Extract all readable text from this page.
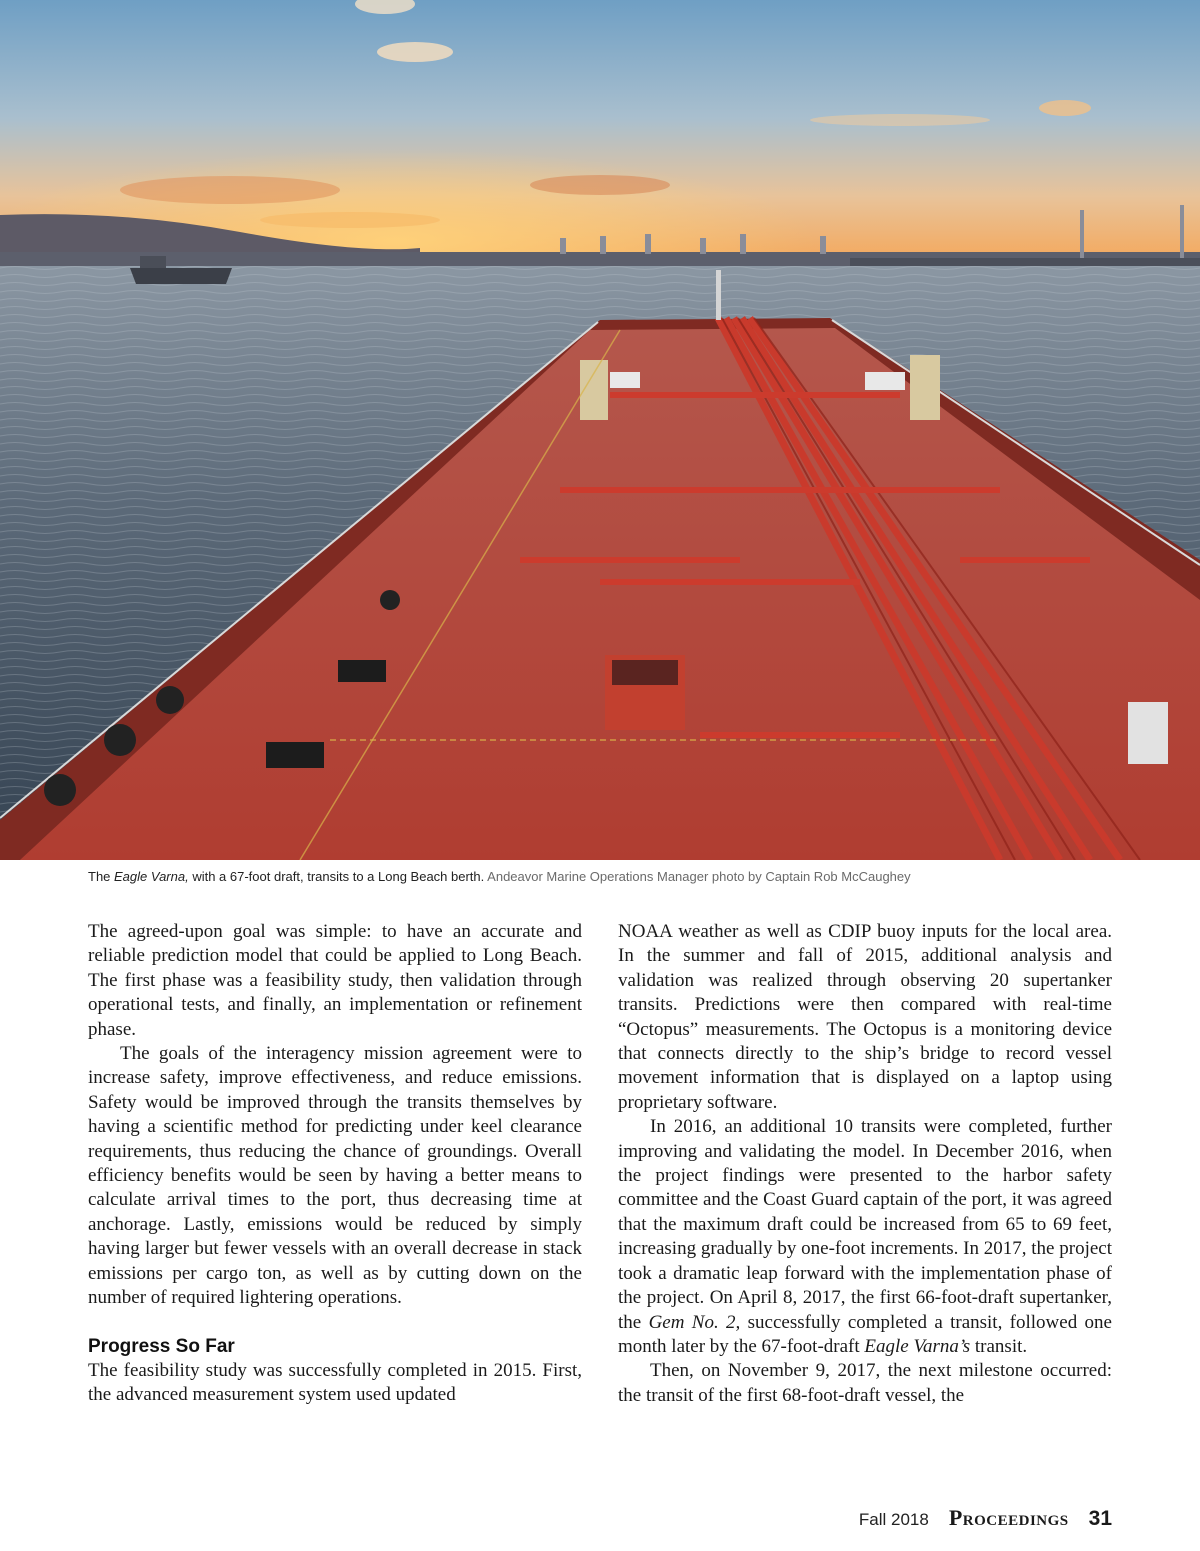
The Eagle Varna, with a 67-foot draft, transits to a Long Beach berth. Andeavor Marine Operations Manager photo by Captain Rob McCaughey

The agreed-upon goal was simple: to have an accurate and reliable prediction model that could be applied to Long Beach. The first phase was a feasibility study, then validation through operational tests, and finally, an implementation or refinement phase.

The goals of the interagency mission agreement were to increase safety, improve effectiveness, and reduce emissions. Safety would be improved through the transits themselves by having a scientific method for predicting under keel clearance requirements, thus reducing the chance of groundings. Overall efficiency benefits would be seen by having a better means to calculate arrival times to the port, thus decreasing time at anchorage. Lastly, emissions would be reduced by simply having larger but fewer vessels with an overall decrease in stack emissions per cargo ton, as well as by cutting down on the number of required lightering operations.

Progress So Far

The feasibility study was successfully completed in 2015. First, the advanced measurement system used updated

NOAA weather as well as CDIP buoy inputs for the local area. In the summer and fall of 2015, additional analysis and validation was realized through observing 20 supertanker transits. Predictions were then compared with real-time “Octopus” measurements. The Octopus is a monitoring device that connects directly to the ship’s bridge to record vessel movement information that is displayed on a laptop using proprietary software.

In 2016, an additional 10 transits were completed, further improving and validating the model. In December 2016, when the project findings were presented to the harbor safety committee and the Coast Guard captain of the port, it was agreed that the maximum draft could be increased from 65 to 69 feet, increasing gradually by one-foot increments. In 2017, the project took a dramatic leap forward with the implementation phase of the project. On April 8, 2017, the first 66-foot-draft supertanker, the Gem No. 2, successfully completed a transit, followed one month later by the 67-foot-draft Eagle Varna’s transit.

Then, on November 9, 2017, the next milestone occurred: the transit of the first 68-foot-draft vessel, the

Fall 2018 Proceedings 31
